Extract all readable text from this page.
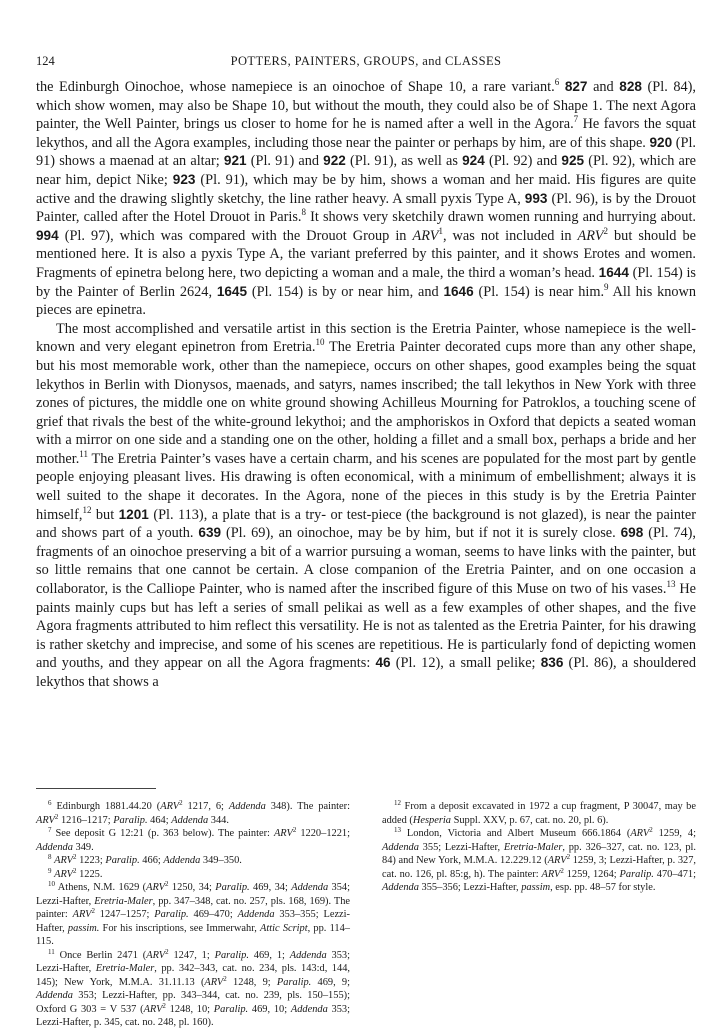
124	POTTERS, PAINTERS, GROUPS, and CLASSES

the Edinburgh Oinochoe, whose namepiece is an oinochoe of Shape 10, a rare variant.$^6$ 827 and 828 (Pl. 84), which show women, may also be Shape 10, but without the mouth, they could also be of Shape 1. The next Agora painter, the Well Painter, brings us closer to home for he is named after a well in the Agora.$^7$ He favors the squat lekythos, and all the Agora examples, including those near the painter or perhaps by him, are of this shape. 920 (Pl. 91) shows a maenad at an altar; 921 (Pl. 91) and 922 (Pl. 91), as well as 924 (Pl. 92) and 925 (Pl. 92), which are near him, depict Nike; 923 (Pl. 91), which may be by him, shows a woman and her maid. His figures are quite active and the drawing slightly sketchy, the line rather heavy. A small pyxis Type A, 993 (Pl. 96), is by the Drouot Painter, called after the Hotel Drouot in Paris.$^8$ It shows very sketchily drawn women running and hurrying about. 994 (Pl. 97), which was compared with the Drouot Group in ARV$^1$, was not included in ARV$^2$ but should be mentioned here. It is also a pyxis Type A, the variant preferred by this painter, and it shows Erotes and women. Fragments of epinetra belong here, two depicting a woman and a male, the third a woman’s head. 1644 (Pl. 154) is by the Painter of Berlin 2624, 1645 (Pl. 154) is by or near him, and 1646 (Pl. 154) is near him.$^9$ All his known pieces are epinetra.

The most accomplished and versatile artist in this section is the Eretria Painter, whose namepiece is the well-known and very elegant epinetron from Eretria.$^{10}$ The Eretria Painter decorated cups more than any other shape, but his most memorable work, other than the namepiece, occurs on other shapes, good examples being the squat lekythos in Berlin with Dionysos, maenads, and satyrs, names inscribed; the tall lekythos in New York with three zones of pictures, the middle one on white ground showing Achilleus Mourning for Patroklos, a touching scene of grief that rivals the best of the white-ground lekythoi; and the amphoriskos in Oxford that depicts a seated woman with a mirror on one side and a standing one on the other, holding a fillet and a small box, perhaps a bride and her mother.$^{11}$ The Eretria Painter’s vases have a certain charm, and his scenes are populated for the most part by gentle people enjoying pleasant lives. His drawing is often economical, with a minimum of embellishment; always it is well suited to the shape it decorates. In the Agora, none of the pieces in this study is by the Eretria Painter himself,$^{12}$ but 1201 (Pl. 113), a plate that is a try- or test-piece (the background is not glazed), is near the painter and shows part of a youth. 639 (Pl. 69), an oinochoe, may be by him, but if not it is surely close. 698 (Pl. 74), fragments of an oinochoe preserving a bit of a warrior pursuing a woman, seems to have links with the painter, but so little remains that one cannot be certain. A close companion of the Eretria Painter, and on one occasion a collaborator, is the Calliope Painter, who is named after the inscribed figure of this Muse on two of his vases.$^{13}$ He paints mainly cups but has left a series of small pelikai as well as a few examples of other shapes, and the five Agora fragments attributed to him reflect this versatility. He is not as talented as the Eretria Painter, for his drawing is rather sketchy and imprecise, and some of his scenes are repetitious. He is particularly fond of depicting women and youths, and they appear on all the Agora fragments: 46 (Pl. 12), a small pelike; 836 (Pl. 86), a shouldered lekythos that shows a

$^6$ Edinburgh 1881.44.20 (ARV$^2$ 1217, 6; Addenda 348). The painter: ARV$^2$ 1216–1217; Paralip. 464; Addenda 344.

$^7$ See deposit G 12:21 (p. 363 below). The painter: ARV$^2$ 1220–1221; Addenda 349.

$^8$ ARV$^2$ 1223; Paralip. 466; Addenda 349–350.

$^9$ ARV$^2$ 1225.

$^{10}$ Athens, N.M. 1629 (ARV$^2$ 1250, 34; Paralip. 469, 34; Addenda 354; Lezzi-Hafter, Eretria-Maler, pp. 347–348, cat. no. 257, pls. 168, 169). The painter: ARV$^2$ 1247–1257; Paralip. 469–470; Addenda 353–355; Lezzi-Hafter, passim. For his inscriptions, see Immerwahr, Attic Script, pp. 114–115.

$^{11}$ Once Berlin 2471 (ARV$^2$ 1247, 1; Paralip. 469, 1; Addenda 353; Lezzi-Hafter, Eretria-Maler, pp. 342–343, cat. no. 234, pls. 143:d, 144, 145); New York, M.M.A. 31.11.13 (ARV$^2$ 1248, 9; Paralip. 469, 9; Addenda 353; Lezzi-Hafter, pp. 343–344, cat. no. 239, pls. 150–155); Oxford G 303 = V 537 (ARV$^2$ 1248, 10; Paralip. 469, 10; Addenda 353; Lezzi-Hafter, p. 345, cat. no. 248, pl. 160).

$^{12}$ From a deposit excavated in 1972 a cup fragment, P 30047, may be added (Hesperia Suppl. XXV, p. 67, cat. no. 20, pl. 6).

$^{13}$ London, Victoria and Albert Museum 666.1864 (ARV$^2$ 1259, 4; Addenda 355; Lezzi-Hafter, Eretria-Maler, pp. 326–327, cat. no. 123, pl. 84) and New York, M.M.A. 12.229.12 (ARV$^2$ 1259, 3; Lezzi-Hafter, p. 327, cat. no. 126, pl. 85:g, h). The painter: ARV$^2$ 1259, 1264; Paralip. 470–471; Addenda 355–356; Lezzi-Hafter, passim, esp. pp. 48–57 for style.
